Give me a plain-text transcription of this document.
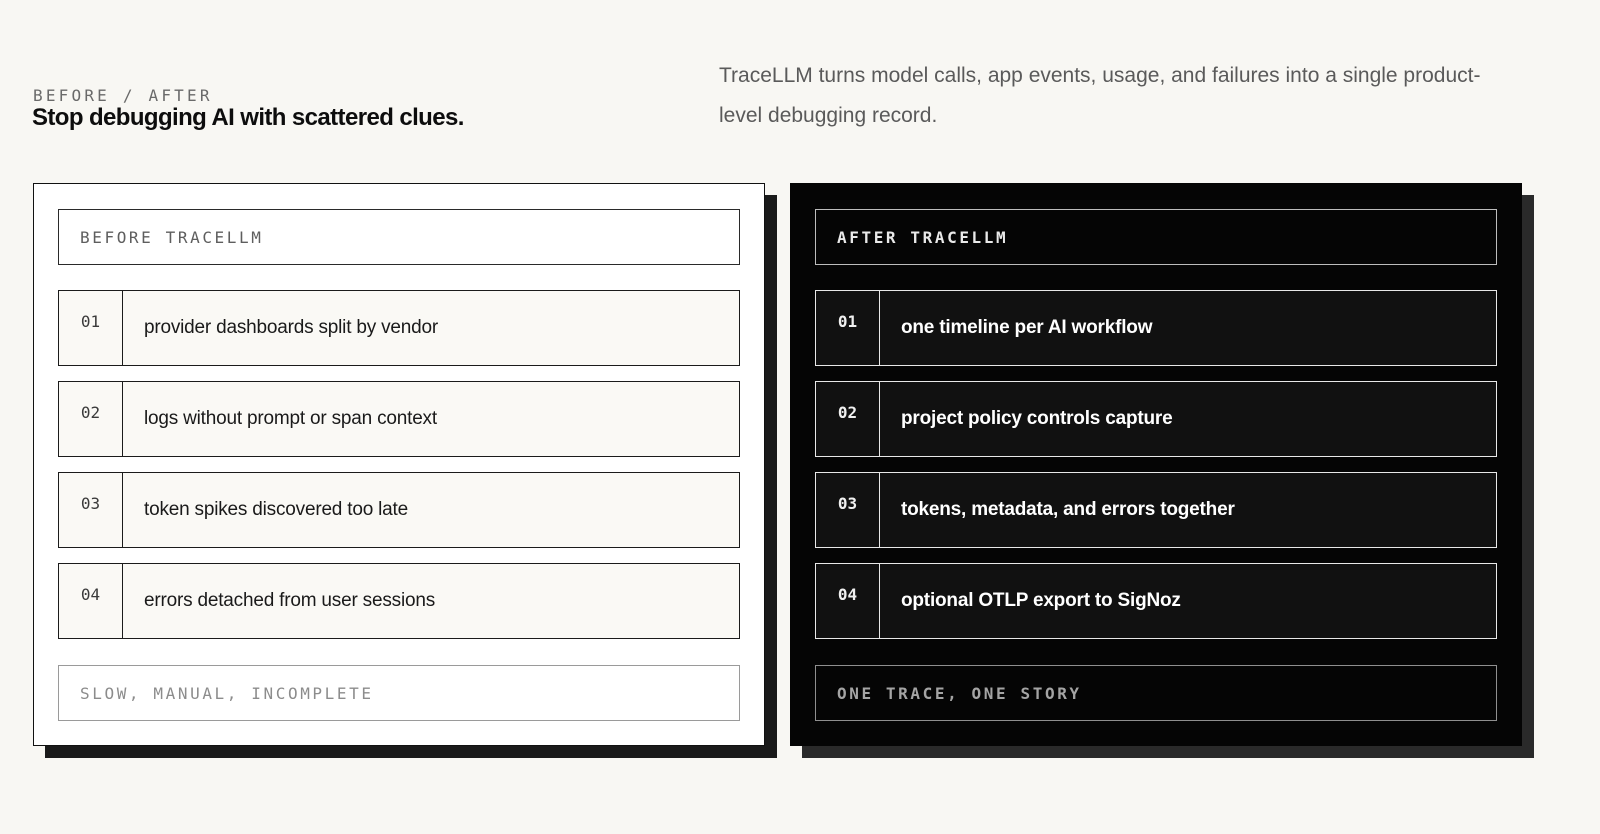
BEFORE / AFTER
Stop debugging AI with scattered clues.

TraceLLM turns model calls, app events, usage, and failures into a single product-level debugging record.

BEFORE TRACELLM
01	provider dashboards split by vendor
02	logs without prompt or span context
03	token spikes discovered too late
04	errors detached from user sessions
SLOW, MANUAL, INCOMPLETE
AFTER TRACELLM
01	one timeline per AI workflow
02	project policy controls capture
03	tokens, metadata, and errors together
04	optional OTLP export to SigNoz
ONE TRACE, ONE STORY
